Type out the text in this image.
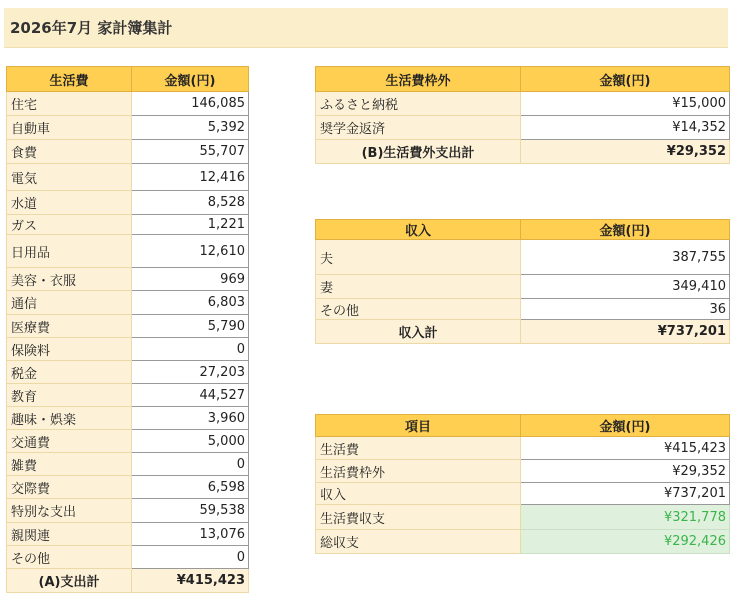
2026年7月 家計簿集計
生活費	金額(円)
住宅	146,085
自動車	5,392
食費	55,707
電気	12,416
水道	8,528
ガス	1,221
日用品	12,610
美容・衣服	969
通信	6,803
医療費	5,790
保険料	0
税金	27,203
教育	44,527
趣味・娯楽	3,960
交通費	5,000
雑費	0
交際費	6,598
特別な支出	59,538
親関連	13,076
その他	0
(A)支出計	¥415,423
生活費枠外	金額(円)
ふるさと納税	¥15,000
奨学金返済	¥14,352
(B)生活費外支出計	¥29,352
収入	金額(円)
夫	387,755
妻	349,410
その他	36
収入計	¥737,201
項目	金額(円)
生活費	¥415,423
生活費枠外	¥29,352
収入	¥737,201
生活費収支	¥321,778
総収支	¥292,426
